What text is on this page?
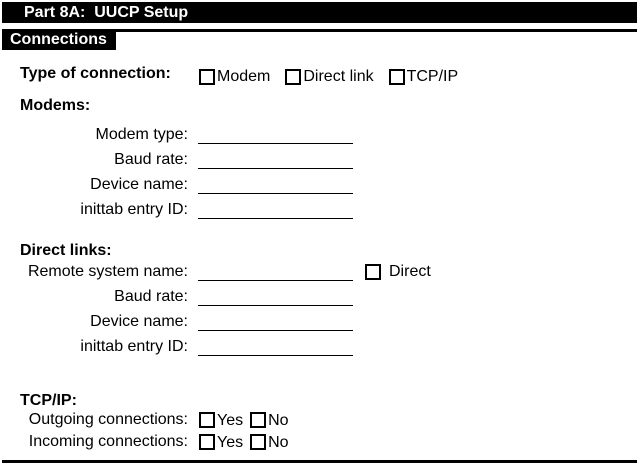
Part 8A:  UUCP Setup
Connections
Type of connection:	Modem Direct link TCP/IP
Modems:
Modem type:
Baud rate:
Device name:
inittab entry ID:
Direct links:
Remote system name:	Direct
Baud rate:
Device name:
inittab entry ID:
TCP/IP:
Outgoing connections: Yes No
Incoming connections: Yes No
